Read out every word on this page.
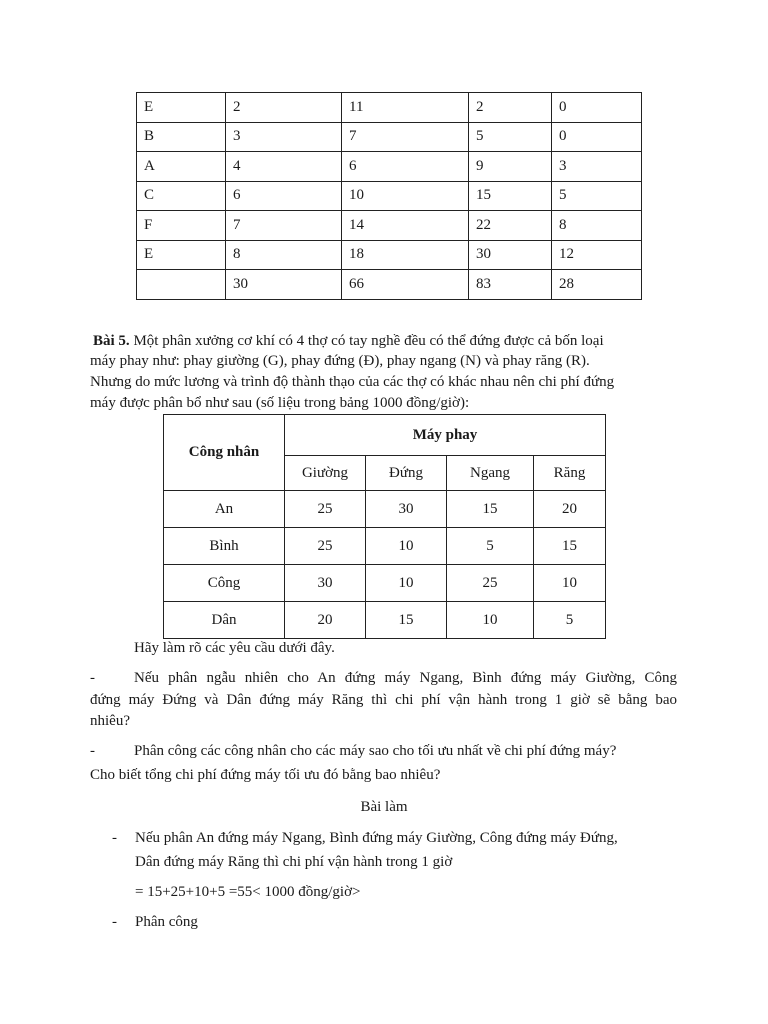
E	2	11	2	0
B	3	7	5	0
A	4	6	9	3
C	6	10	15	5
F	7	14	22	8
E	8	18	30	12
	30	66	83	28
Bài 5. Một phân xưởng cơ khí có 4 thợ có tay nghề đều có thể đứng được cả bốn loại
máy phay như: phay giường (G), phay đứng (Đ), phay ngang (N) và phay răng (R).
Nhưng do mức lương và trình độ thành thạo của các thợ có khác nhau nên chi phí đứng
máy được phân bổ như sau (số liệu trong bảng 1000 đồng/giờ):
Công nhân	Máy phay			
	Giường	Đứng	Ngang	Răng
An	25	30	15	20
Bình	25	10	5	15
Công	30	10	25	10
Dân	20	15	10	5
Hãy làm rõ các yêu cầu dưới đây.
-	Nếu phân ngẫu nhiên cho An đứng máy Ngang, Bình đứng máy Giường, Công
đứng máy Đứng và Dân đứng máy Răng thì chi phí vận hành trong 1 giờ sẽ bằng bao
nhiêu?
-	Phân công các công nhân cho các máy sao cho tối ưu nhất về chi phí đứng máy?
Cho biết tổng chi phí đứng máy tối ưu đó bằng bao nhiêu?
Bài làm
- Nếu phân An đứng máy Ngang, Bình đứng máy Giường, Công đứng máy Đứng,
Dân đứng máy Răng thì chi phí vận hành trong 1 giờ
= 15+25+10+5 =55< 1000 đồng/giờ>
- Phân công
